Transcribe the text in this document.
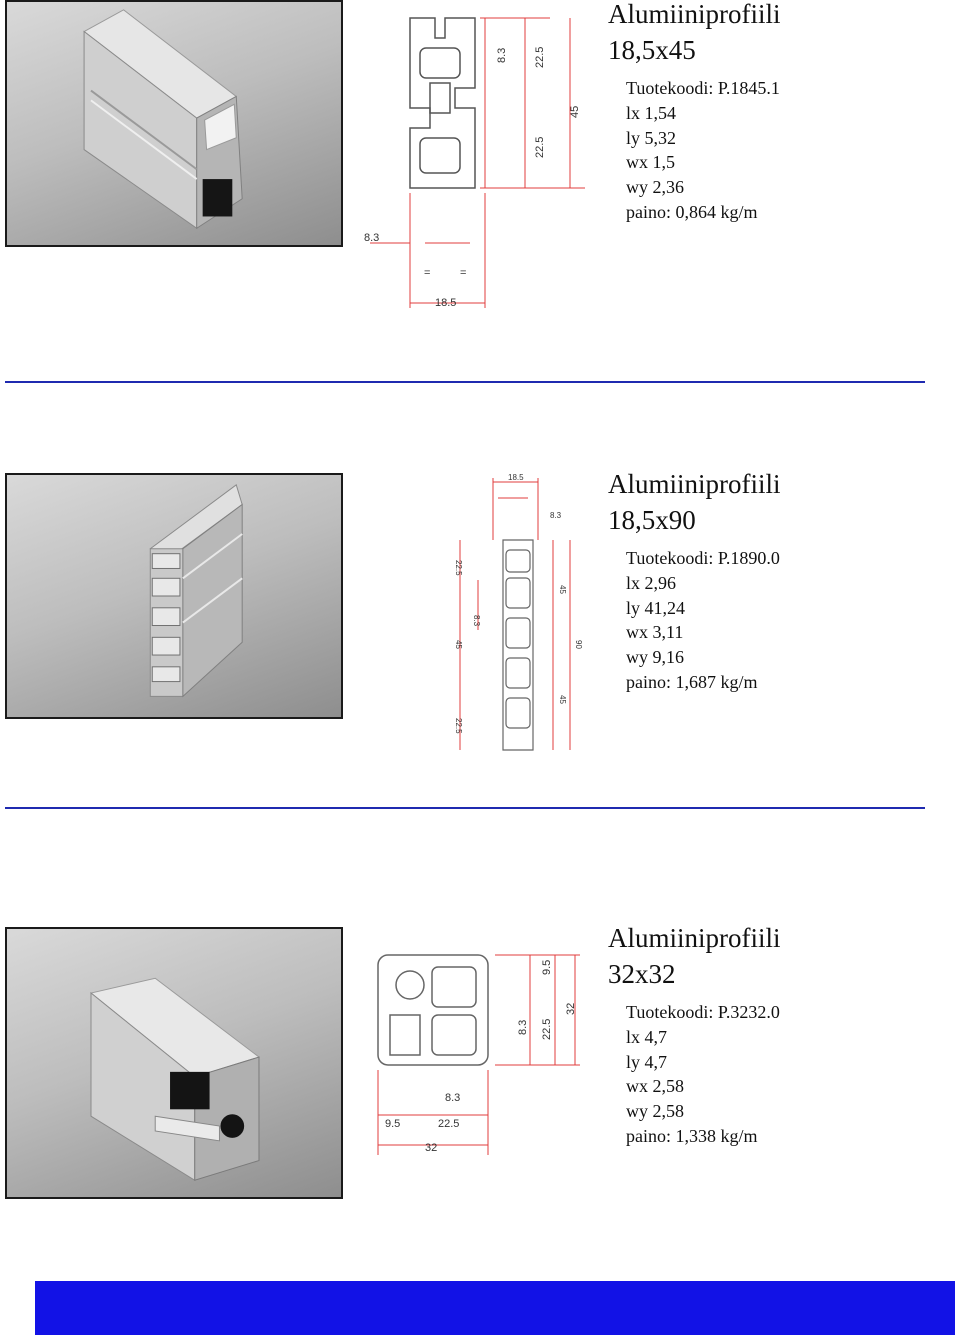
8.3
8.3 22.5
45
22.5
18.5
=	=
Alumiiniprofiili
18,5x45
Tuotekoodi: P.1845.1
lx 1,54
ly 5,32
wx 1,5
wy 2,36
paino: 0,864 kg/m
18.5
8.3
22.5
8.3
45
45
90
45
22.5
Alumiiniprofiili
18,5x90
Tuotekoodi: P.1890.0
lx 2,96
ly 41,24
wx 3,11
wy 9,16
paino: 1,687 kg/m
9.5
32
8.3 22.5
8.3
9.5	22.5
32
Alumiiniprofiili
32x32
Tuotekoodi: P.3232.0
lx 4,7
ly 4,7
wx 2,58
wy 2,58
paino: 1,338 kg/m
